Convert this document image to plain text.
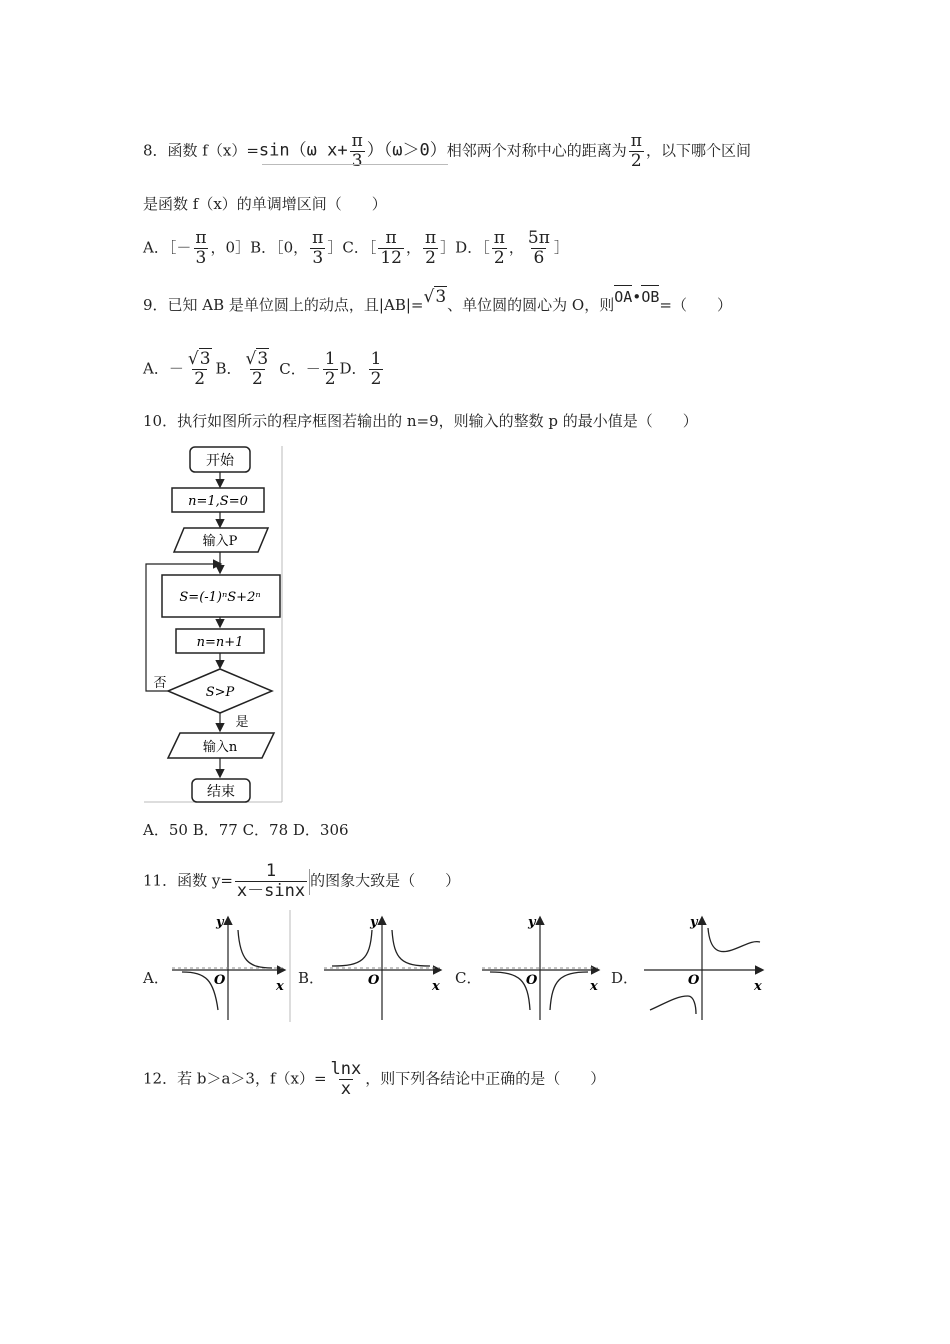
8．函数 f（x）=sin（ω $x+ \frac{\pi}{3} )(\omega>0)$相邻两个对称中心的距离为 $\frac{\pi}{2}$ ，以下哪个区间
是函数 f（x）的单调增区间（　　）
A．［－ $\frac{\pi}{3}$ ，0］B．［0， $\frac{\pi}{3}$ ］C．［ $\frac{\pi}{12}$ ， $\frac{\pi}{2}$ ］D．［ $\frac{\pi}{2}$ ， $\frac{5\pi}{6}$ ］
9．已知 AB 是单位圆上的动点，且|AB|=√3、单位圆的圆心为 O，则OA•OB=（　　）
A．－ $\frac{√3}{2}$ B． $\frac{√3}{2}$ C．－ $\frac{1}{2}$ D． $\frac{1}{2}$
10．执行如图所示的程序框图若输出的 n=9，则输入的整数 p 的最小值是（　　）
开始
n=1,S=0
输入P
S=(-1)ⁿS+2ⁿ
n=n+1
S>P
否
是
输入n
结束
A．50 B．77 C．78 D．306
11．函数 $y= \frac{1}{x-\sin x}$ 的图象大致是（　　）
A．	B．	C．	D．
y
x
O
y
x
O
y
x
O
y
x
O
12．若 b＞a＞3，$f(x)= \frac{\ln x}{x}$ ，则下列各结论中正确的是（　　）
